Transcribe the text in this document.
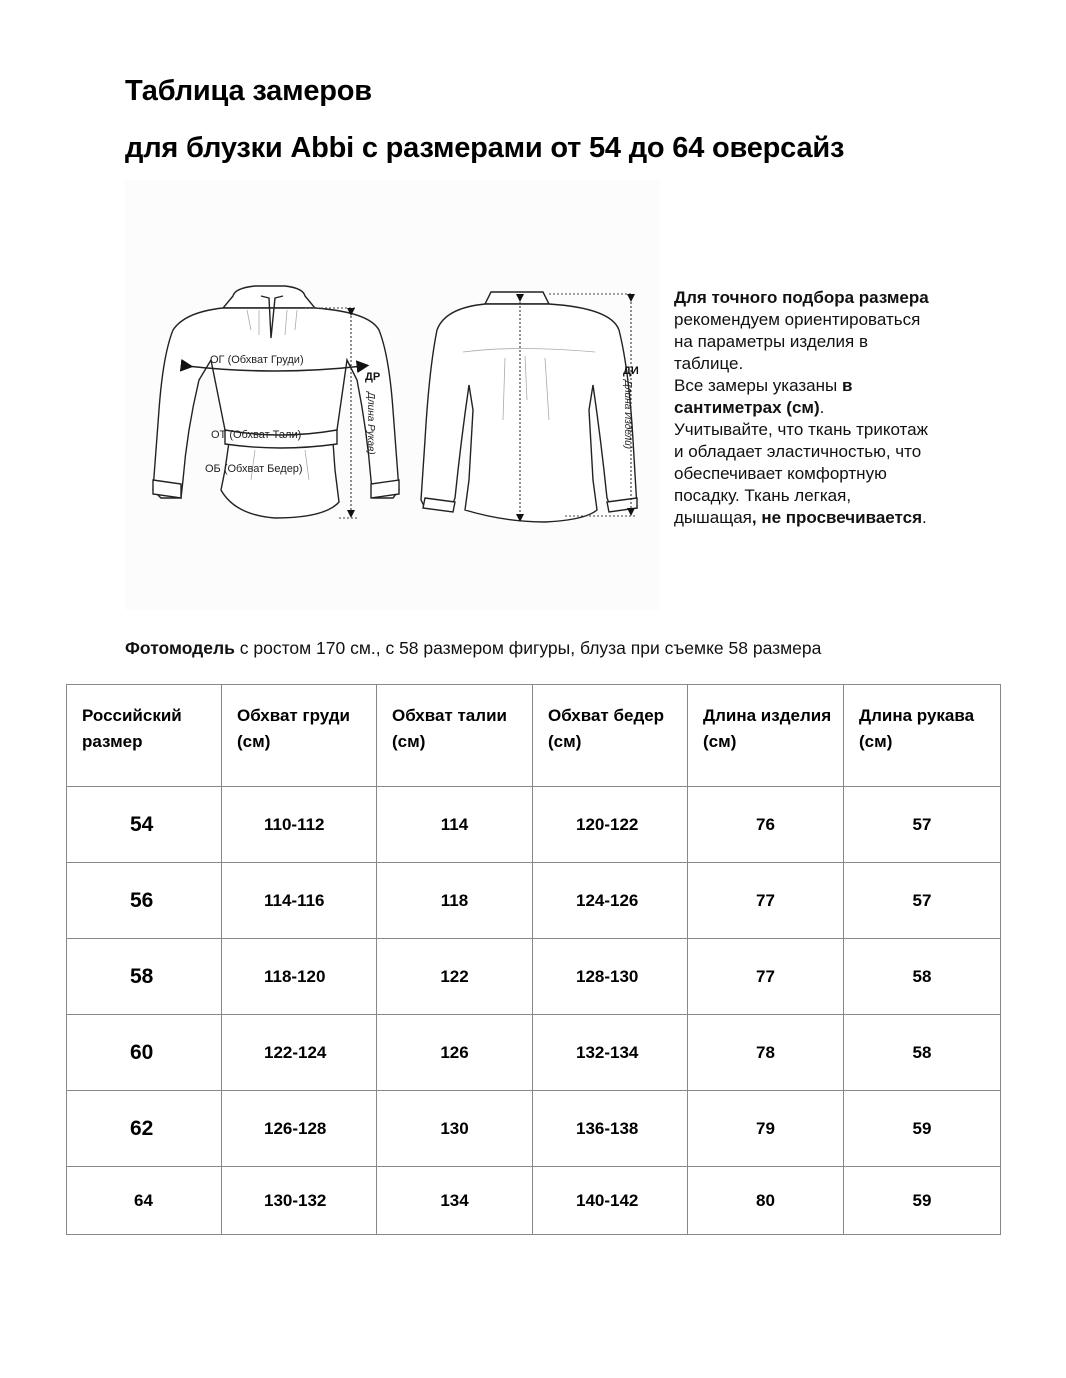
Таблица замеров
для блузки Abbi с размерами от 54 до 64 оверсайз
ОГ (Обхват Груди)
ОТ (Обхват Тали)
ОБ (Обхват Бедер)
ДР
Длина Рукав)
ДИ
Длина Издели)
Для точного подбора размера рекомендуем ориентироваться на параметры изделия в таблице.
Все замеры указаны в сантиметрах (см).
Учитывайте, что ткань трикотаж и обладает эластичностью, что обеспечивает комфортную посадку. Ткань легкая, дышащая, не просвечивается.
Фотомодель с ростом 170 см., с 58 размером фигуры, блуза при съемке 58 размера
Российский размер	Обхват груди (см)	Обхват талии (см)	Обхват бедер (см)	Длина изделия (см)	Длина рукава (см)
54	110-112	114	120-122	76	57
56	114-116	118	124-126	77	57
58	118-120	122	128-130	77	58
60	122-124	126	132-134	78	58
62	126-128	130	136-138	79	59
64	130-132	134	140-142	80	59
